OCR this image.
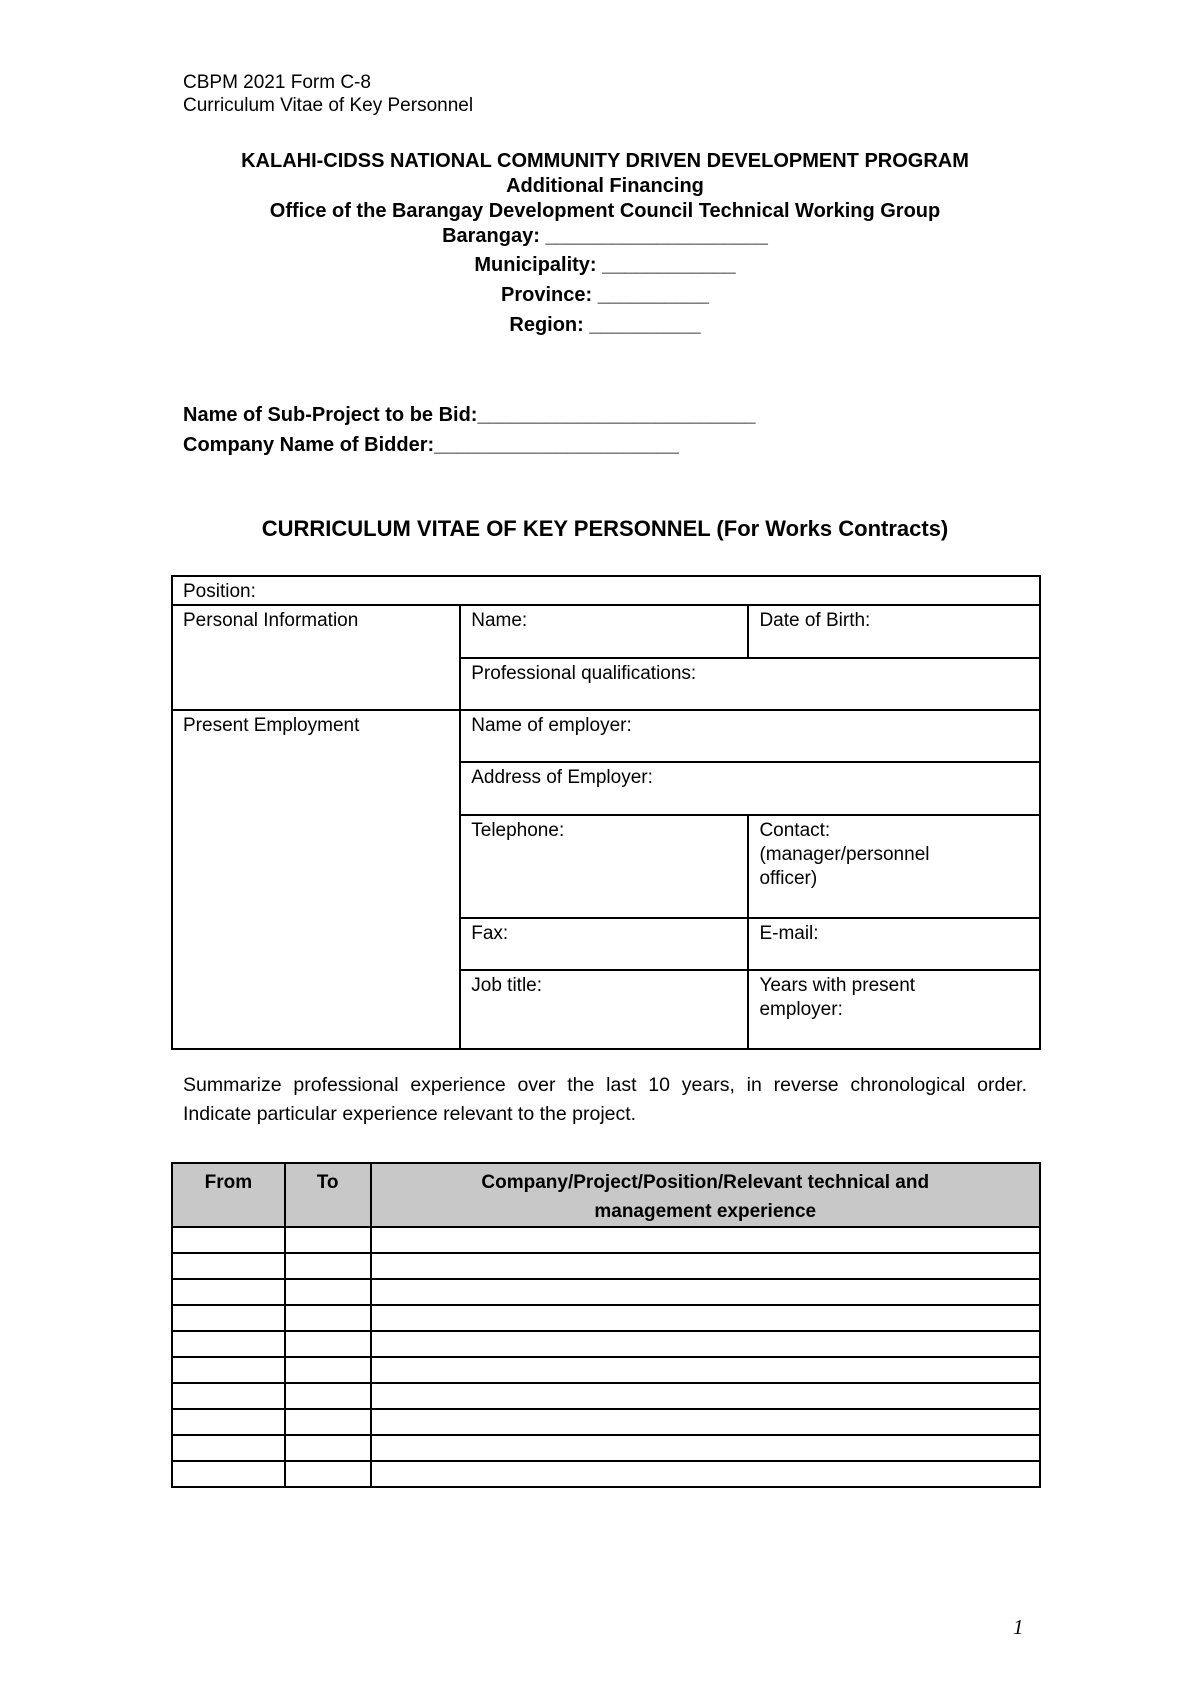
CBPM 2021 Form C-8
Curriculum Vitae of Key Personnel
KALAHI-CIDSS NATIONAL COMMUNITY DRIVEN DEVELOPMENT PROGRAM
Additional Financing
Office of the Barangay Development Council Technical Working Group
Barangay: ____________________
Municipality: ____________
Province: __________
Region: __________
Name of Sub-Project to be Bid:_________________________
Company Name of Bidder:______________________
CURRICULUM VITAE OF KEY PERSONNEL (For Works Contracts)
Position:		
Personal Information	Name:	Date of Birth:
	Professional qualifications:	
Present Employment	Name of employer:	
	Address of Employer:	
	Telephone:	Contact:
(manager/personnel
officer)

	Fax:	E-mail:
	Job title:	Years with present
employer:
Summarize professional experience over the last 10 years, in reverse chronological order. Indicate particular experience relevant to the project.
From	To	Company/Project/Position/Relevant technical and
management experience

1
